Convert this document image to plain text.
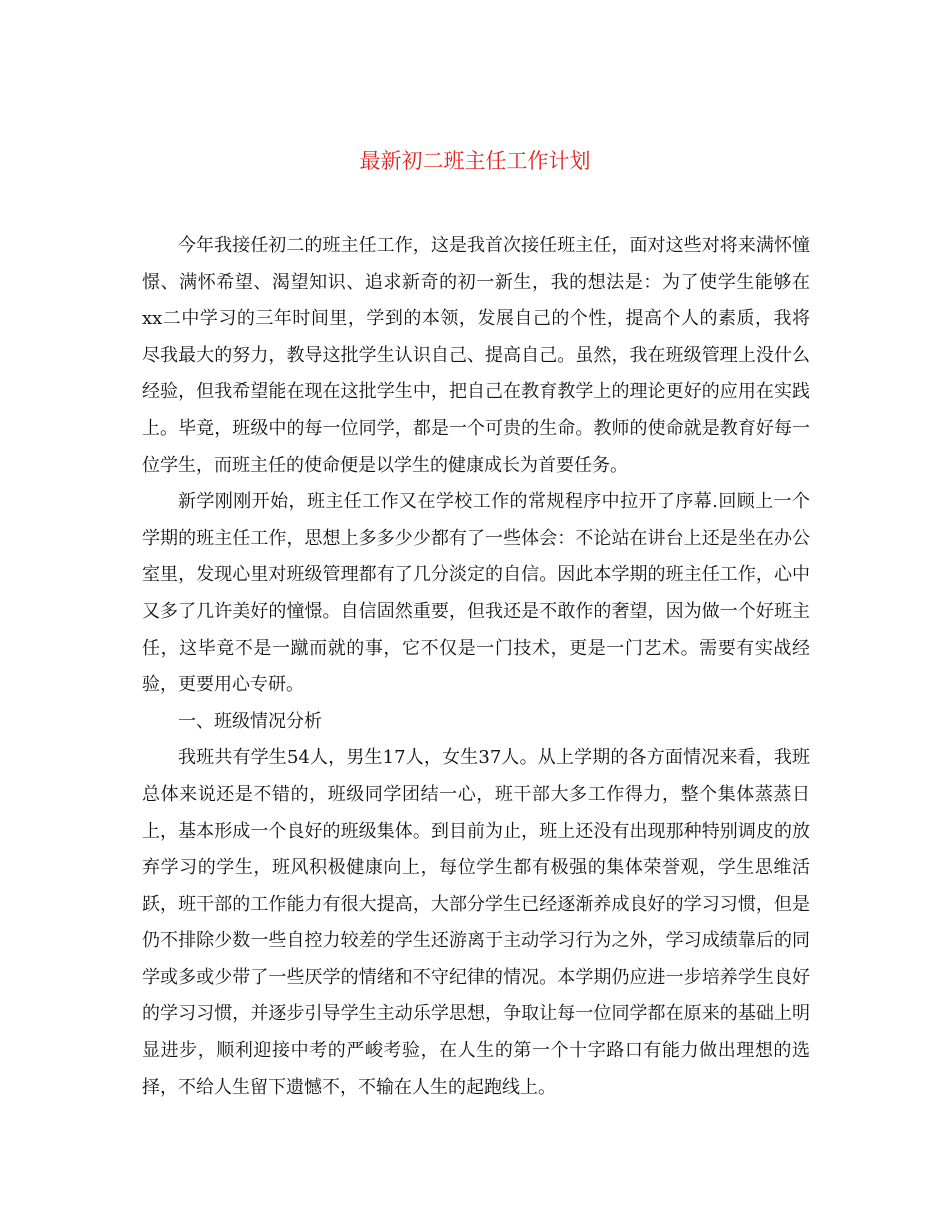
最新初二班主任工作计划

今年我接任初二的班主任工作，这是我首次接任班主任，面对这些对将来满怀憧憬、满怀希望、渴望知识、追求新奇的初一新生，我的想法是：为了使学生能够在xx二中学习的三年时间里，学到的本领，发展自己的个性，提高个人的素质，我将尽我最大的努力，教导这批学生认识自己、提高自己。虽然，我在班级管理上没什么经验，但我希望能在现在这批学生中，把自己在教育教学上的理论更好的应用在实践上。毕竟，班级中的每一位同学，都是一个可贵的生命。教师的使命就是教育好每一位学生，而班主任的使命便是以学生的健康成长为首要任务。

新学刚刚开始，班主任工作又在学校工作的常规程序中拉开了序幕.回顾上一个学期的班主任工作，思想上多多少少都有了一些体会：不论站在讲台上还是坐在办公室里，发现心里对班级管理都有了几分淡定的自信。因此本学期的班主任工作，心中又多了几许美好的憧憬。自信固然重要，但我还是不敢作的奢望，因为做一个好班主任，这毕竟不是一蹴而就的事，它不仅是一门技术，更是一门艺术。需要有实战经验，更要用心专研。

一、班级情况分析

我班共有学生54人，男生17人，女生37人。从上学期的各方面情况来看，我班总体来说还是不错的，班级同学团结一心，班干部大多工作得力，整个集体蒸蒸日上，基本形成一个良好的班级集体。到目前为止，班上还没有出现那种特别调皮的放弃学习的学生，班风积极健康向上，每位学生都有极强的集体荣誉观，学生思维活跃，班干部的工作能力有很大提高，大部分学生已经逐渐养成良好的学习习惯，但是仍不排除少数一些自控力较差的学生还游离于主动学习行为之外，学习成绩靠后的同学或多或少带了一些厌学的情绪和不守纪律的情况。本学期仍应进一步培养学生良好的学习习惯，并逐步引导学生主动乐学思想，争取让每一位同学都在原来的基础上明显进步，顺利迎接中考的严峻考验，在人生的第一个十字路口有能力做出理想的选择，不给人生留下遗憾不，不输在人生的起跑线上。
